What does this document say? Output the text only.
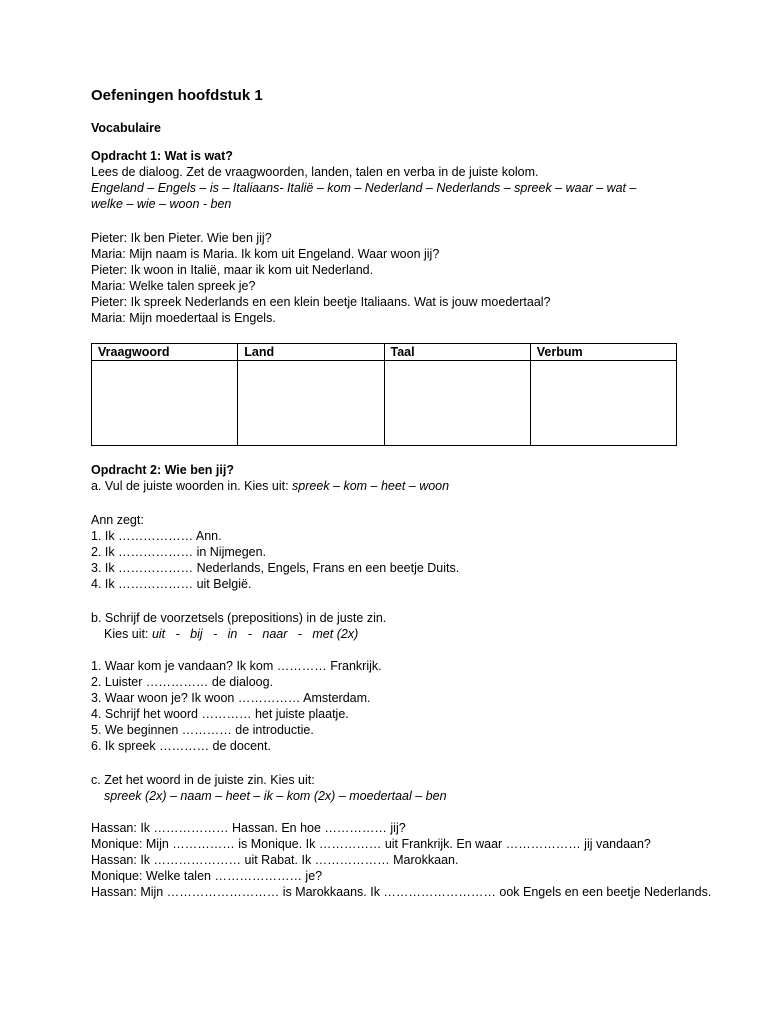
Oefeningen hoofdstuk 1
Vocabulaire
Opdracht 1: Wat is wat?
Lees de dialoog. Zet de vraagwoorden, landen, talen en verba in de juiste kolom.
Engeland – Engels – is – Italiaans- Italië – kom – Nederland – Nederlands – spreek – waar – wat –
welke – wie – woon - ben
Pieter: Ik ben Pieter. Wie ben jij?
Maria: Mijn naam is Maria. Ik kom uit Engeland. Waar woon jij?
Pieter: Ik woon in Italië, maar ik kom uit Nederland.
Maria: Welke talen spreek je?
Pieter: Ik spreek Nederlands en een klein beetje Italiaans. Wat is jouw moedertaal?
Maria: Mijn moedertaal is Engels.
Vraagwoord	Land	Taal	Verbum

Opdracht 2: Wie ben jij?
a. Vul de juiste woorden in. Kies uit: spreek – kom – heet – woon
Ann zegt:
1. Ik ……………… Ann.
2. Ik ……………… in Nijmegen.
3. Ik ……………… Nederlands, Engels, Frans en een beetje Duits.
4. Ik ……………… uit België.
b. Schrijf de voorzetsels (prepositions) in de juste zin.
Kies uit: uit   -   bij   -   in   -   naar   -   met (2x)
1. Waar kom je vandaan? Ik kom ………… Frankrijk.
2. Luister …………… de dialoog.
3. Waar woon je? Ik woon …………… Amsterdam.
4. Schrijf het woord ………… het juiste plaatje.
5. We beginnen ………… de introductie.
6. Ik spreek ………… de docent.
c. Zet het woord in de juiste zin. Kies uit:
spreek (2x) – naam – heet – ik – kom (2x) – moedertaal – ben
Hassan: Ik ……………… Hassan. En hoe …………… jij?
Monique: Mijn …………… is Monique. Ik …………… uit Frankrijk. En waar ……………… jij vandaan?
Hassan: Ik ………………… uit Rabat. Ik ……………… Marokkaan.
Monique: Welke talen ………………… je?
Hassan: Mijn ……………………… is Marokkaans. Ik ……………………… ook Engels en een beetje Nederlands.
